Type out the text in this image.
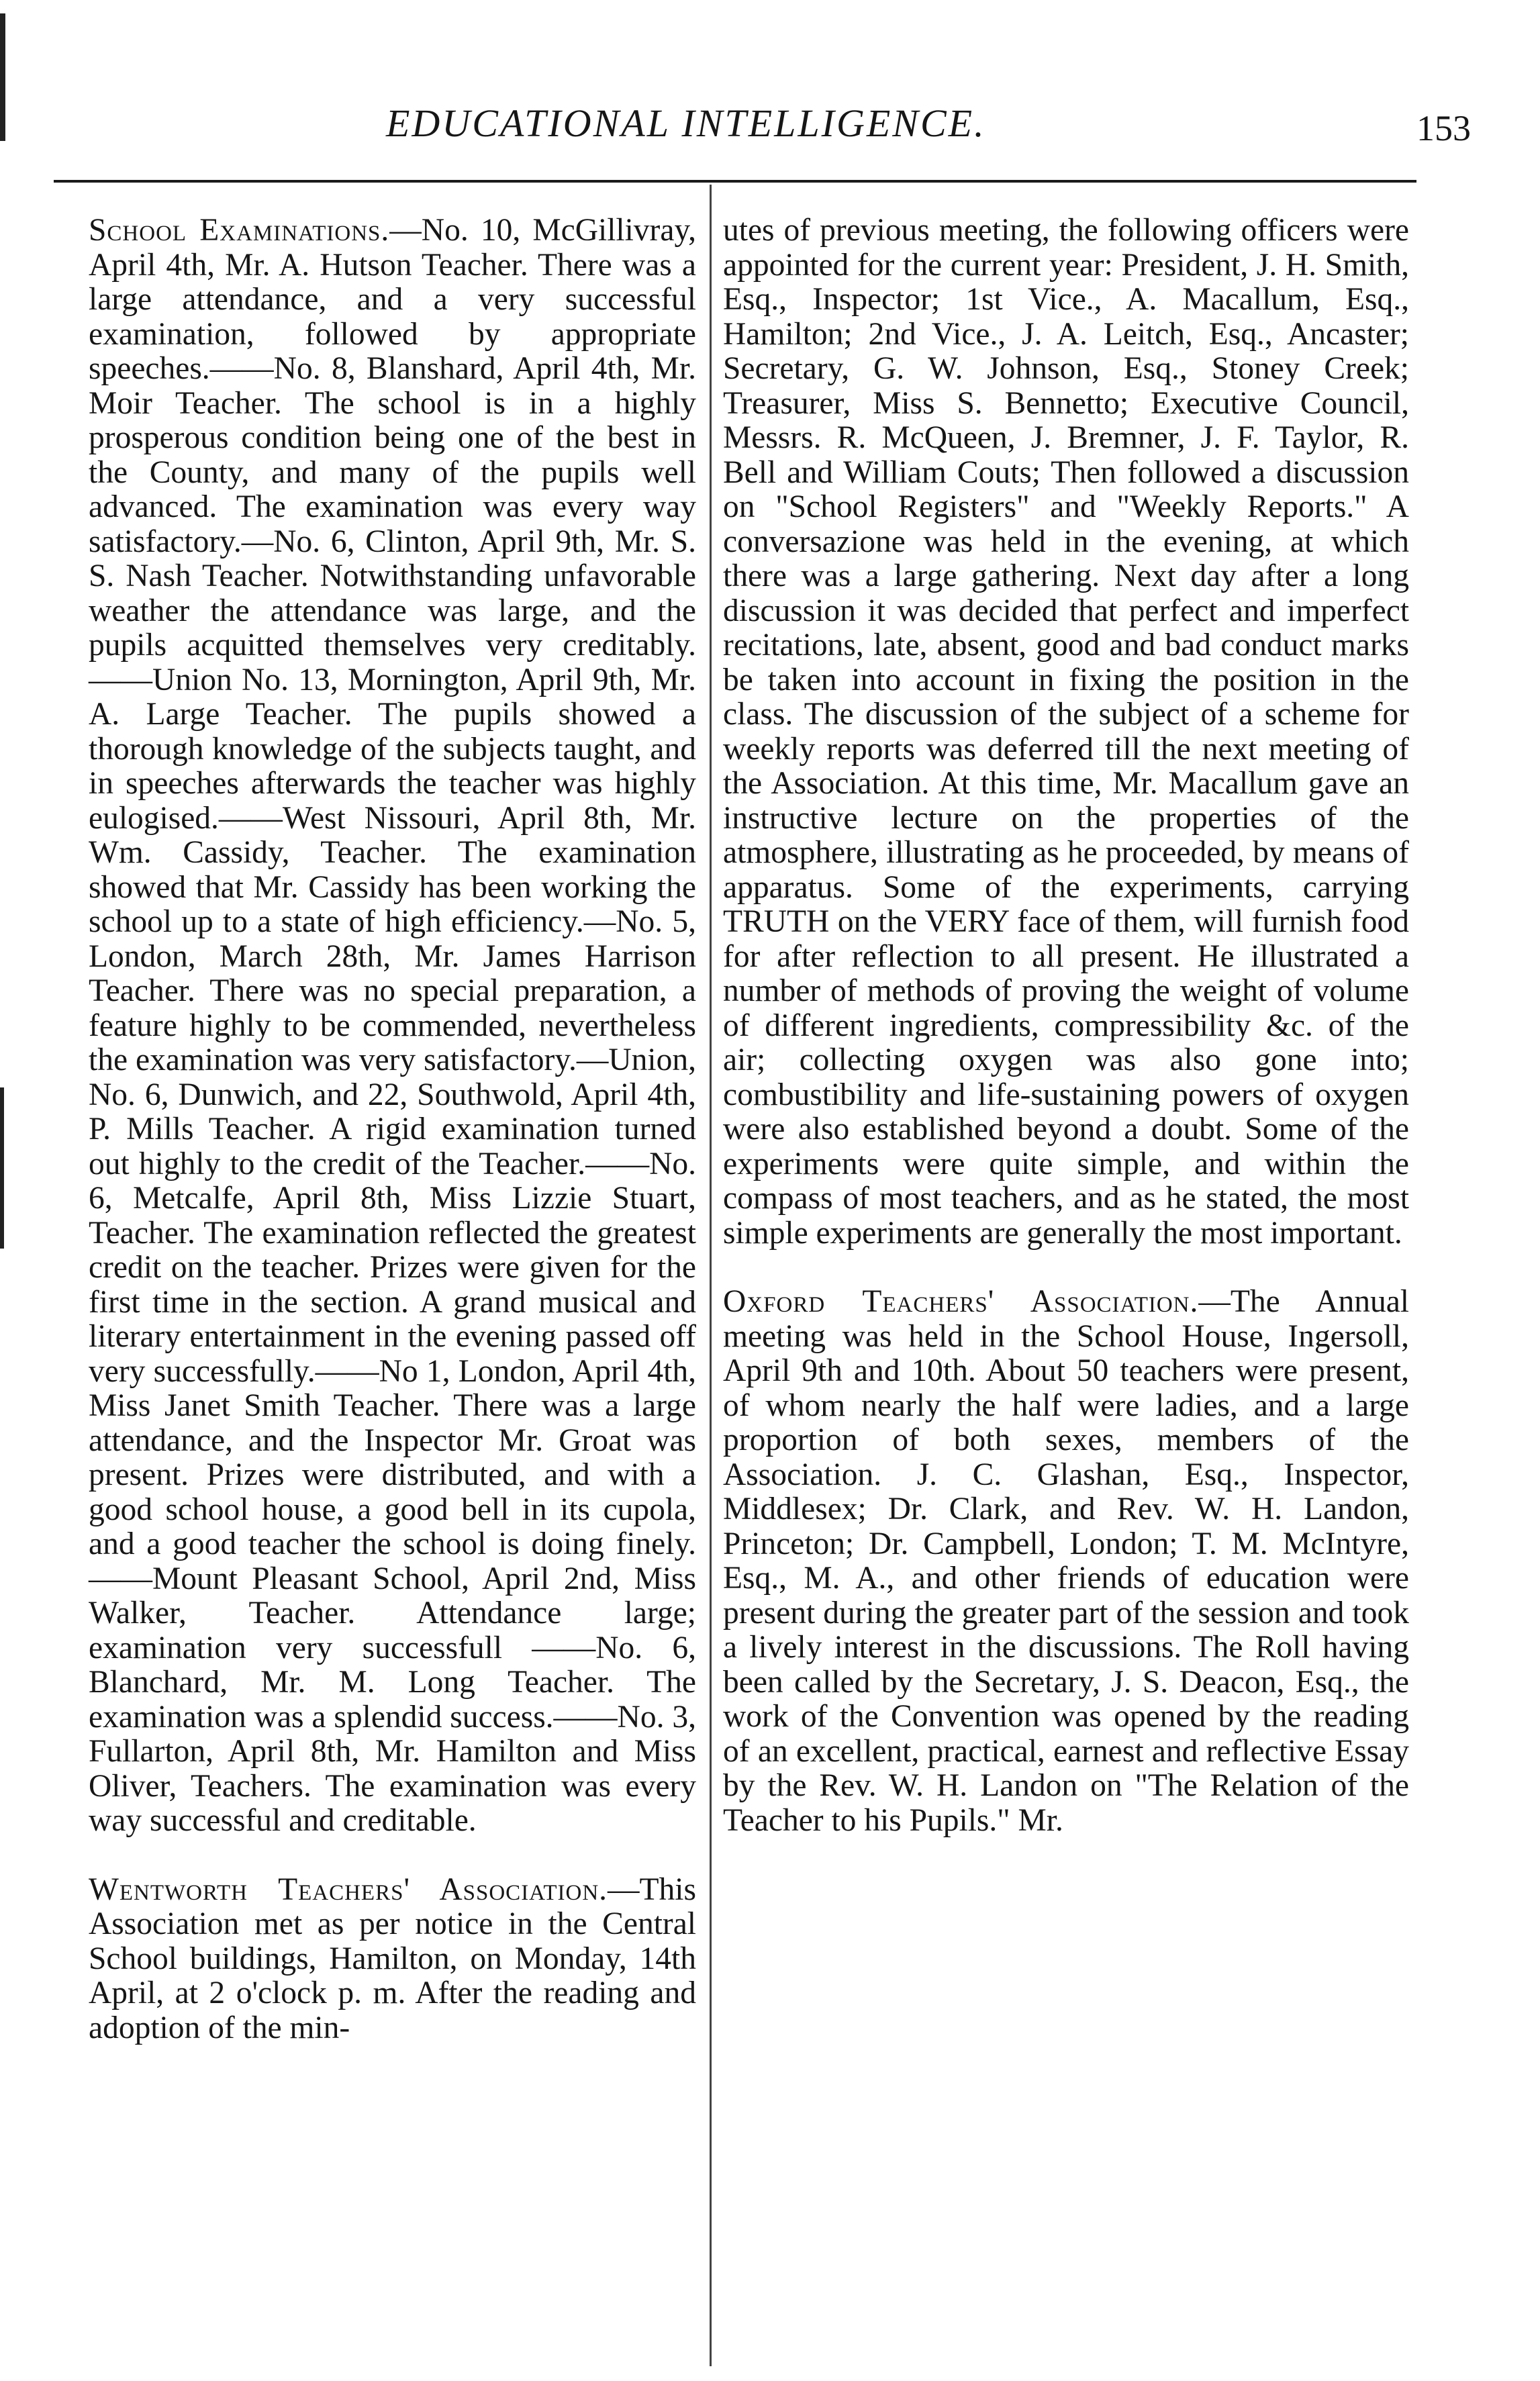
EDUCATIONAL INTELLIGENCE.	153

School Examinations.—No. 10, McGillivray, April 4th, Mr. A. Hutson Teacher. There was a large attendance, and a very successful examination, followed by appropriate speeches.——No. 8, Blanshard, April 4th, Mr. Moir Teacher. The school is in a highly prosperous condition being one of the best in the County, and many of the pupils well advanced. The examination was every way satisfactory.—No. 6, Clinton, April 9th, Mr. S. S. Nash Teacher. Notwithstanding unfavorable weather the attendance was large, and the pupils acquitted themselves very creditably.——Union No. 13, Mornington, April 9th, Mr. A. Large Teacher. The pupils showed a thorough knowledge of the subjects taught, and in speeches afterwards the teacher was highly eulogised.——West Nissouri, April 8th, Mr. Wm. Cassidy, Teacher. The examination showed that Mr. Cassidy has been working the school up to a state of high efficiency.—No. 5, London, March 28th, Mr. James Harrison Teacher. There was no special preparation, a feature highly to be commended, nevertheless the examination was very satisfactory.—Union, No. 6, Dunwich, and 22, Southwold, April 4th, P. Mills Teacher. A rigid examination turned out highly to the credit of the Teacher.——No. 6, Metcalfe, April 8th, Miss Lizzie Stuart, Teacher. The examination reflected the greatest credit on the teacher. Prizes were given for the first time in the section. A grand musical and literary entertainment in the evening passed off very successfully.——No 1, London, April 4th, Miss Janet Smith Teacher. There was a large attendance, and the Inspector Mr. Groat was present. Prizes were distributed, and with a good school house, a good bell in its cupola, and a good teacher the school is doing finely.——Mount Pleasant School, April 2nd, Miss Walker, Teacher. Attendance large; examination very successfull ——No. 6, Blanchard, Mr. M. Long Teacher. The examination was a splendid success.——No. 3, Fullarton, April 8th, Mr. Hamilton and Miss Oliver, Teachers. The examination was every way successful and creditable.

Wentworth Teachers' Association.—This Association met as per notice in the Central School buildings, Hamilton, on Monday, 14th April, at 2 o'clock p. m. After the reading and adoption of the min-

utes of previous meeting, the following officers were appointed for the current year: President, J. H. Smith, Esq., Inspector; 1st Vice., A. Macallum, Esq., Hamilton; 2nd Vice., J. A. Leitch, Esq., Ancaster; Secretary, G. W. Johnson, Esq., Stoney Creek; Treasurer, Miss S. Bennetto; Executive Council, Messrs. R. McQueen, J. Bremner, J. F. Taylor, R. Bell and William Couts; Then followed a discussion on "School Registers" and "Weekly Reports." A conversazione was held in the evening, at which there was a large gathering. Next day after a long discussion it was decided that perfect and imperfect recitations, late, absent, good and bad conduct marks be taken into account in fixing the position in the class. The discussion of the subject of a scheme for weekly reports was deferred till the next meeting of the Association. At this time, Mr. Macallum gave an instructive lecture on the properties of the atmosphere, illustrating as he proceeded, by means of apparatus. Some of the experiments, carrying TRUTH on the VERY face of them, will furnish food for after reflection to all present. He illustrated a number of methods of proving the weight of volume of different ingredients, compressibility &c. of the air; collecting oxygen was also gone into; combustibility and life-sustaining powers of oxygen were also established beyond a doubt. Some of the experiments were quite simple, and within the compass of most teachers, and as he stated, the most simple experiments are generally the most important.

Oxford Teachers' Association.—The Annual meeting was held in the School House, Ingersoll, April 9th and 10th. About 50 teachers were present, of whom nearly the half were ladies, and a large proportion of both sexes, members of the Association. J. C. Glashan, Esq., Inspector, Middlesex; Dr. Clark, and Rev. W. H. Landon, Princeton; Dr. Campbell, London; T. M. McIntyre, Esq., M. A., and other friends of education were present during the greater part of the session and took a lively interest in the discussions. The Roll having been called by the Secretary, J. S. Deacon, Esq., the work of the Convention was opened by the reading of an excellent, practical, earnest and reflective Essay by the Rev. W. H. Landon on "The Relation of the Teacher to his Pupils." Mr.
